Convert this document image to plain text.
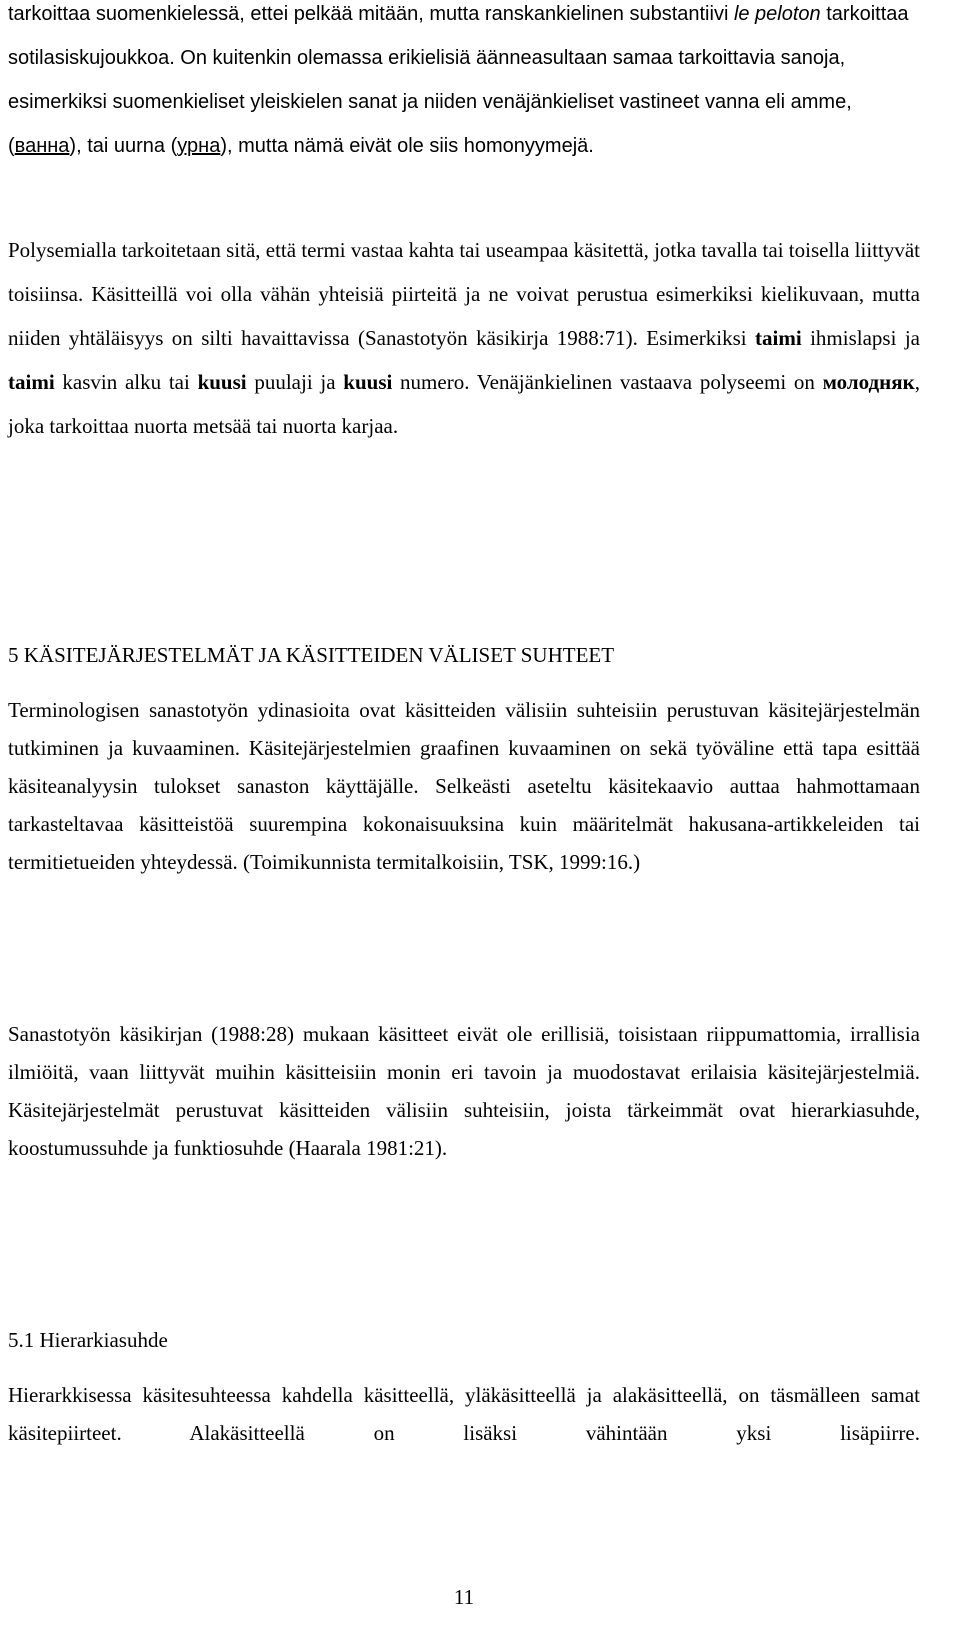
tarkoittaa suomenkielessä, ettei pelkää mitään, mutta ranskankielinen substantiivi le peloton tarkoittaa sotilasiskujoukkoa. On kuitenkin olemassa erikielisiä äänneasultaan samaa tarkoittavia sanoja, esimerkiksi suomenkieliset yleiskielen sanat ja niiden venäjänkieliset vastineet vanna eli amme, (ванна), tai uurna (урна), mutta nämä eivät ole siis homonyymejä.

Polysemialla tarkoitetaan sitä, että termi vastaa kahta tai useampaa käsitettä, jotka tavalla tai toisella liittyvät toisiinsa. Käsitteillä voi olla vähän yhteisiä piirteitä ja ne voivat perustua esimerkiksi kielikuvaan, mutta niiden yhtäläisyys on silti havaittavissa (Sanastotyön käsikirja 1988:71). Esimerkiksi taimi ihmislapsi ja taimi kasvin alku tai kuusi puulaji ja kuusi numero. Venäjänkielinen vastaava polyseemi on молодняк, joka tarkoittaa nuorta metsää tai nuorta karjaa.

5 KÄSITEJÄRJESTELMÄT JA KÄSITTEIDEN VÄLISET SUHTEET

Terminologisen sanastotyön ydinasioita ovat käsitteiden välisiin suhteisiin perustuvan käsitejärjestelmän tutkiminen ja kuvaaminen. Käsitejärjestelmien graafinen kuvaaminen on sekä työväline että tapa esittää käsiteanalyysin tulokset sanaston käyttäjälle. Selkeästi aseteltu käsitekaavio auttaa hahmottamaan tarkasteltavaa käsitteistöä suurempina kokonaisuuksina kuin määritelmät hakusana-artikkeleiden tai termitietueiden yhteydessä. (Toimikunnista termitalkoisiin, TSK, 1999:16.)

Sanastotyön käsikirjan (1988:28) mukaan käsitteet eivät ole erillisiä, toisistaan riippumattomia, irrallisia ilmiöitä, vaan liittyvät muihin käsitteisiin monin eri tavoin ja muodostavat erilaisia käsitejärjestelmiä. Käsitejärjestelmät perustuvat käsitteiden välisiin suhteisiin, joista tärkeimmät ovat hierarkiasuhde, koostumussuhde ja funktiosuhde (Haarala 1981:21).

5.1 Hierarkiasuhde

Hierarkkisessa käsitesuhteessa kahdella käsitteellä, yläkäsitteellä ja alakäsitteellä, on täsmälleen samat käsitepiirteet. Alakäsitteellä on lisäksi vähintään yksi lisäpiirre.

11
